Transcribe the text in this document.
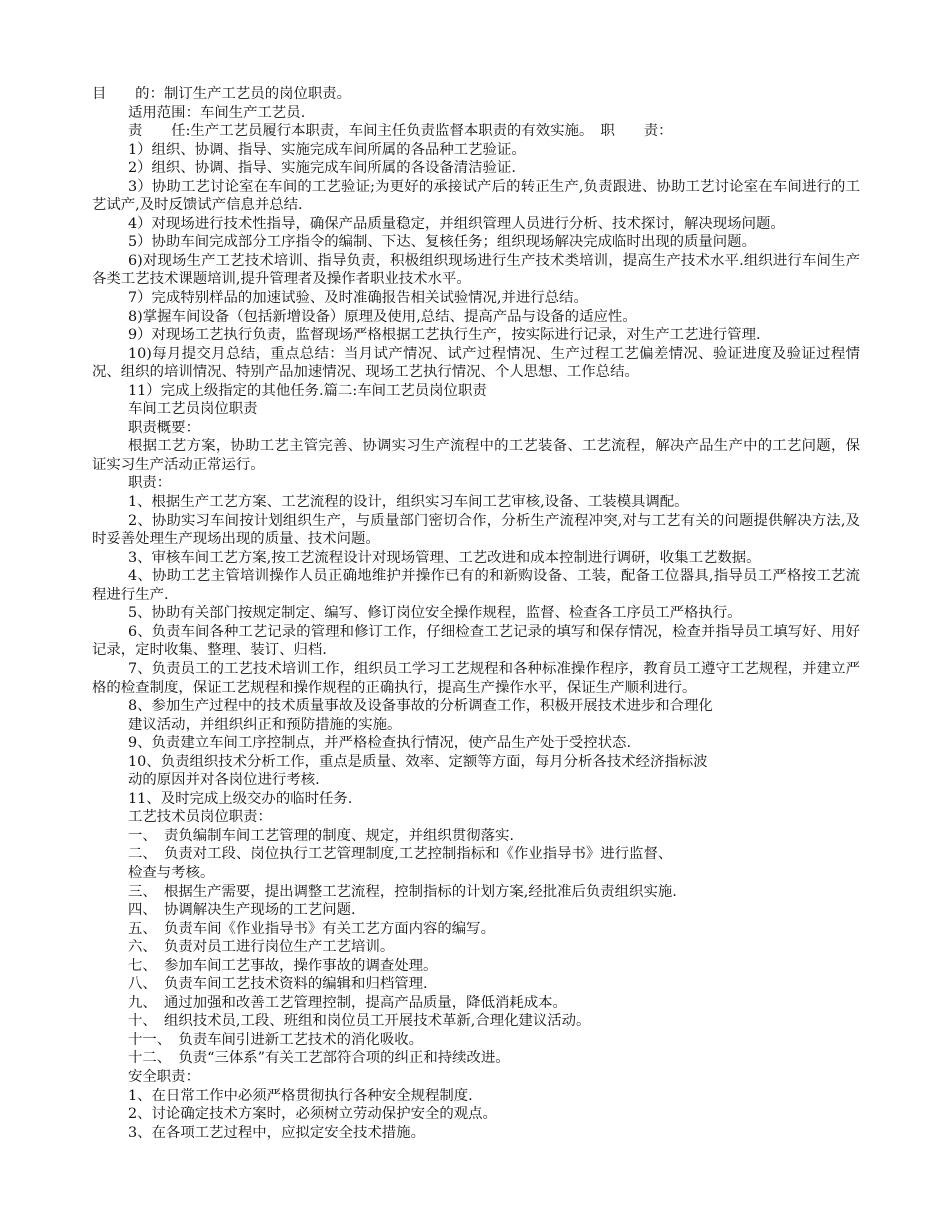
目　　的：制订生产工艺员的岗位职责。

适用范围：车间生产工艺员.

责　　任:生产工艺员履行本职责，车间主任负责监督本职责的有效实施。　职　　责：

1）组织、协调、指导、实施完成车间所属的各品种工艺验证。

2）组织、协调、指导、实施完成车间所属的各设备清洁验证.

3）协助工艺讨论室在车间的工艺验证;为更好的承接试产后的转正生产,负责跟进、协助工艺讨论室在车间进行的工艺试产,及时反馈试产信息并总结.

4）对现场进行技术性指导，确保产品质量稳定，并组织管理人员进行分析、技术探讨，解决现场问题。

5）协助车间完成部分工序指令的编制、下达、复核任务；组织现场解决完成临时出现的质量问题。

6)对现场生产工艺技术培训、指导负责，积极组织现场进行生产技术类培训，提高生产技术水平.组织进行车间生产各类工艺技术课题培训,提升管理者及操作者职业技术水平。

7）完成特别样品的加速试验、及时准确报告相关试验情况,并进行总结。

8)掌握车间设备（包括新增设备）原理及使用,总结、提高产品与设备的适应性。

9）对现场工艺执行负责，监督现场严格根据工艺执行生产，按实际进行记录，对生产工艺进行管理.

10)每月提交月总结，重点总结：当月试产情况、试产过程情况、生产过程工艺偏差情况、验证进度及验证过程情况、组织的培训情况、特别产品加速情况、现场工艺执行情况、个人思想、工作总结。

11）完成上级指定的其他任务.篇二:车间工艺员岗位职责

车间工艺员岗位职责

职责概要：

根据工艺方案，协助工艺主管完善、协调实习生产流程中的工艺装备、工艺流程，解决产品生产中的工艺问题，保证实习生产活动正常运行。

职责：

1、根据生产工艺方案、工艺流程的设计，组织实习车间工艺审核,设备、工装模具调配。

2、协助实习车间按计划组织生产，与质量部门密切合作，分析生产流程冲突,对与工艺有关的问题提供解决方法,及时妥善处理生产现场出现的质量、技术问题。

3、审核车间工艺方案,按工艺流程设计对现场管理、工艺改进和成本控制进行调研，收集工艺数据。

4、协助工艺主管培训操作人员正确地维护并操作已有的和新购设备、工装，配备工位器具,指导员工严格按工艺流程进行生产.

5、协助有关部门按规定制定、编写、修订岗位安全操作规程，监督、检查各工序员工严格执行。

6、负责车间各种工艺记录的管理和修订工作，仔细检查工艺记录的填写和保存情况，检查并指导员工填写好、用好记录，定时收集、整理、装订、归档.

7、负责员工的工艺技术培训工作，组织员工学习工艺规程和各种标准操作程序，教育员工遵守工艺规程，并建立严格的检查制度，保证工艺规程和操作规程的正确执行，提高生产操作水平，保证生产顺利进行。

8、参加生产过程中的技术质量事故及设备事故的分析调查工作，积极开展技术进步和合理化

建议活动，并组织纠正和预防措施的实施。

9、负责建立车间工序控制点，并严格检查执行情况，使产品生产处于受控状态.

10、负责组织技术分析工作，重点是质量、效率、定额等方面，每月分析各技术经济指标波

动的原因并对各岗位进行考核.

11、及时完成上级交办的临时任务.

工艺技术员岗位职责：

一、　责负编制车间工艺管理的制度、规定，并组织贯彻落实.

二、　负责对工段、岗位执行工艺管理制度,工艺控制指标和《作业指导书》进行监督、

检查与考核。

三、　根据生产需要，提出调整工艺流程，控制指标的计划方案,经批准后负责组织实施.

四、　协调解决生产现场的工艺问题.

五、　负责车间《作业指导书》有关工艺方面内容的编写。

六、　负责对员工进行岗位生产工艺培训。

七、　参加车间工艺事故，操作事故的调查处理。

八、　负责车间工艺技术资料的编辑和归档管理.

九、　通过加强和改善工艺管理控制，提高产品质量，降低消耗成本。

十、　组织技术员,工段、班组和岗位员工开展技术革新,合理化建议活动。

十一、　负责车间引进新工艺技术的消化吸收。

十二、　负责“三体系”有关工艺部符合项的纠正和持续改进。

安全职责：

1、在日常工作中必须严格贯彻执行各种安全规程制度.

2、讨论确定技术方案时，必须树立劳动保护安全的观点。

3、在各项工艺过程中，应拟定安全技术措施。
